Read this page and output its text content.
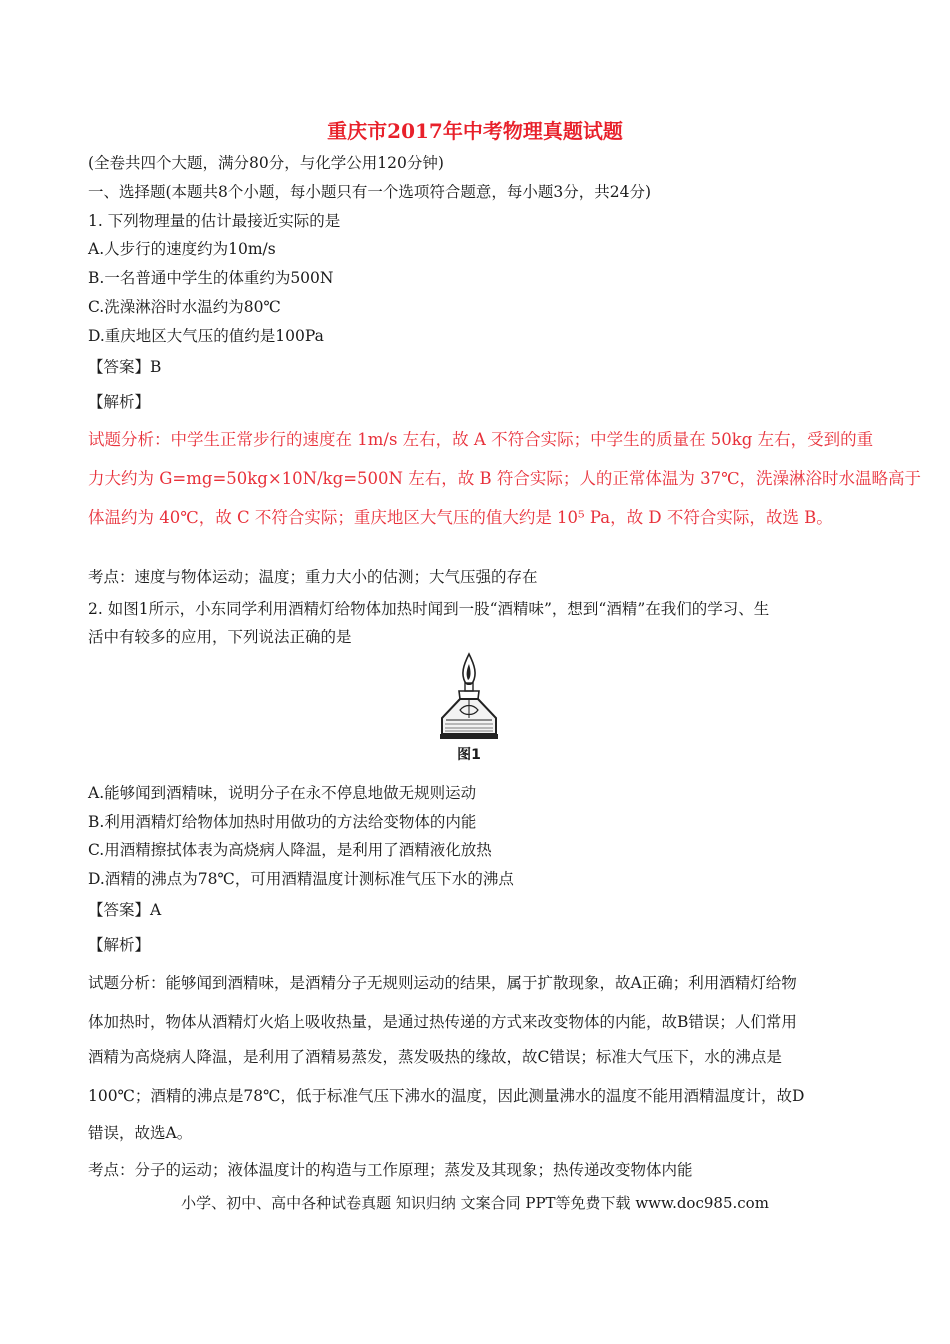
重庆市2017年中考物理真题试题
(全卷共四个大题，满分80分，与化学公用120分钟)
一、选择题(本题共8个小题，每小题只有一个选项符合题意，每小题3分，共24分)
1. 下列物理量的估计最接近实际的是
A.人步行的速度约为10m/s
B.一名普通中学生的体重约为500N
C.洗澡淋浴时水温约为80℃
D.重庆地区大气压的值约是100Pa
【答案】B
【解析】
试题分析：中学生正常步行的速度在 1m/s 左右，故 A 不符合实际；中学生的质量在 50kg 左右，受到的重
力大约为 G=mg=50kg×10N/kg=500N 左右，故 B 符合实际；人的正常体温为 37℃，洗澡淋浴时水温略高于
体温约为 40℃，故 C 不符合实际；重庆地区大气压的值大约是 10⁵ Pa，故 D 不符合实际，故选 B。
考点：速度与物体运动；温度；重力大小的估测；大气压强的存在
2. 如图1所示，小东同学利用酒精灯给物体加热时闻到一股“酒精味”，想到“酒精”在我们的学习、生
活中有较多的应用，下列说法正确的是
图1
A.能够闻到酒精味，说明分子在永不停息地做无规则运动
B.利用酒精灯给物体加热时用做功的方法给变物体的内能
C.用酒精擦拭体表为高烧病人降温，是利用了酒精液化放热
D.酒精的沸点为78℃，可用酒精温度计测标准气压下水的沸点
【答案】A
【解析】
试题分析：能够闻到酒精味，是酒精分子无规则运动的结果，属于扩散现象，故A正确；利用酒精灯给物
体加热时，物体从酒精灯火焰上吸收热量，是通过热传递的方式来改变物体的内能，故B错误；人们常用
酒精为高烧病人降温，是利用了酒精易蒸发，蒸发吸热的缘故，故C错误；标准大气压下，水的沸点是
100℃；酒精的沸点是78℃，低于标准气压下沸水的温度，因此测量沸水的温度不能用酒精温度计，故D
错误，故选A。
考点：分子的运动；液体温度计的构造与工作原理；蒸发及其现象；热传递改变物体内能
小学、初中、高中各种试卷真题 知识归纳 文案合同 PPT等免费下载 www.doc985.com
